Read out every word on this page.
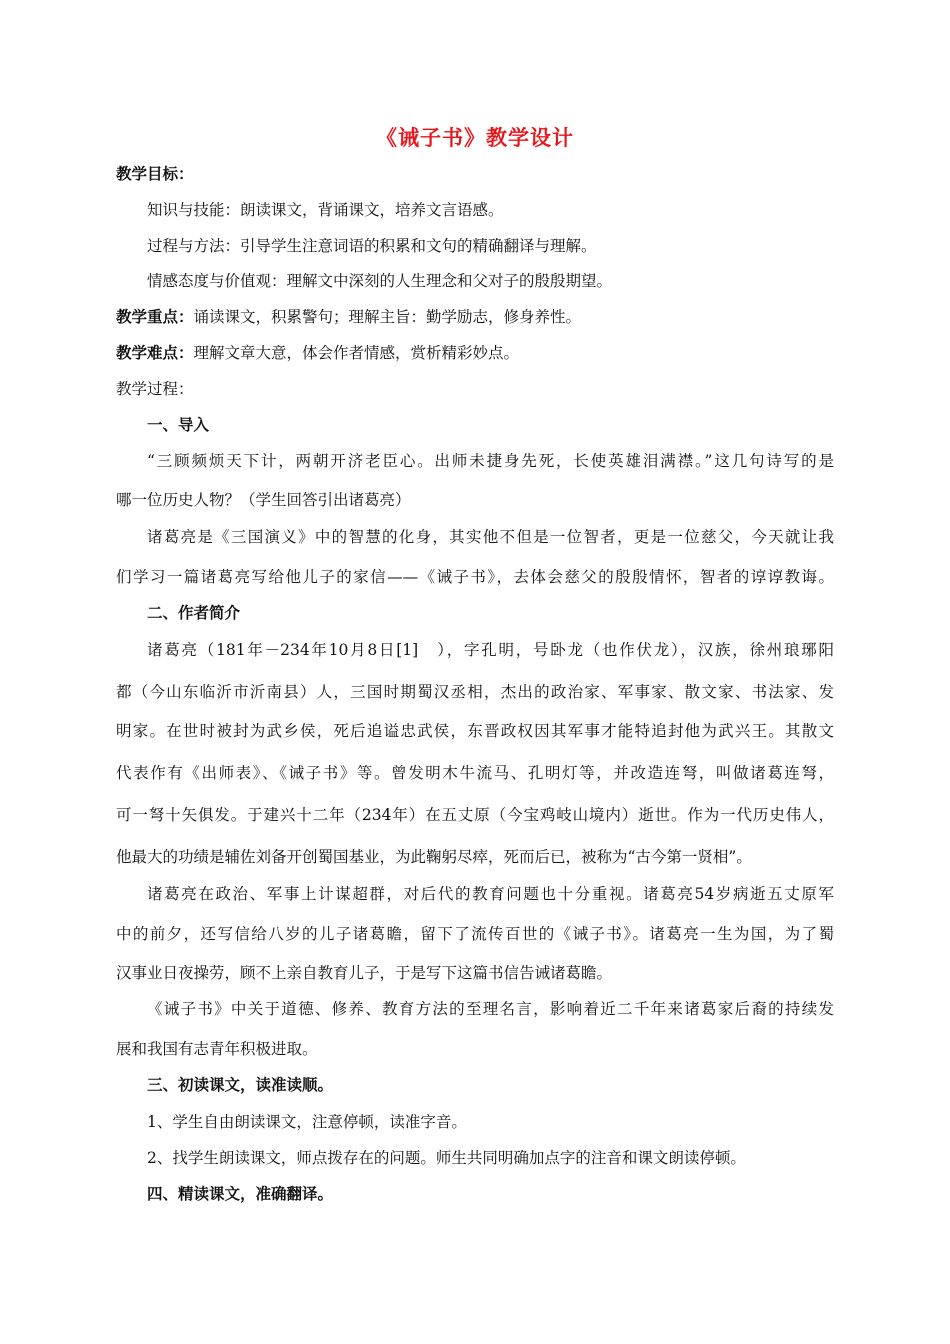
《诫子书》教学设计
教学目标：
知识与技能：朗读课文，背诵课文，培养文言语感。
过程与方法：引导学生注意词语的积累和文句的精确翻译与理解。
情感态度与价值观：理解文中深刻的人生理念和父对子的殷殷期望。
教学重点：诵读课文，积累警句；理解主旨：勤学励志，修身养性。
教学难点：理解文章大意，体会作者情感，赏析精彩妙点。
教学过程：
一、导入
“三顾频烦天下计，两朝开济老臣心。出师未捷身先死，长使英雄泪满襟。”这几句诗写的是
哪一位历史人物？（学生回答引出诸葛亮）
诸葛亮是《三国演义》中的智慧的化身，其实他不但是一位智者，更是一位慈父，今天就让我
们学习一篇诸葛亮写给他儿子的家信——《诫子书》，去体会慈父的殷殷情怀，智者的谆谆教诲。
二、作者简介
诸葛亮（181年－234年10月8日[1]　），字孔明，号卧龙（也作伏龙），汉族，徐州琅琊阳
都（今山东临沂市沂南县）人，三国时期蜀汉丞相，杰出的政治家、军事家、散文家、书法家、发
明家。在世时被封为武乡侯，死后追谥忠武侯，东晋政权因其军事才能特追封他为武兴王。其散文
代表作有《出师表》、《诫子书》等。曾发明木牛流马、孔明灯等，并改造连弩，叫做诸葛连弩，
可一弩十矢俱发。于建兴十二年（234年）在五丈原（今宝鸡岐山境内）逝世。作为一代历史伟人，
他最大的功绩是辅佐刘备开创蜀国基业，为此鞠躬尽瘁，死而后已，被称为“古今第一贤相”。
诸葛亮在政治、军事上计谋超群，对后代的教育问题也十分重视。诸葛亮54岁病逝五丈原军
中的前夕，还写信给八岁的儿子诸葛瞻，留下了流传百世的《诫子书》。诸葛亮一生为国，为了蜀
汉事业日夜操劳，顾不上亲自教育儿子，于是写下这篇书信告诫诸葛瞻。
《诫子书》中关于道德、修养、教育方法的至理名言，影响着近二千年来诸葛家后裔的持续发
展和我国有志青年积极进取。
三、初读课文，读准读顺。
1、学生自由朗读课文，注意停顿，读准字音。
2、找学生朗读课文，师点拨存在的问题。师生共同明确加点字的注音和课文朗读停顿。
四、精读课文，准确翻译。
